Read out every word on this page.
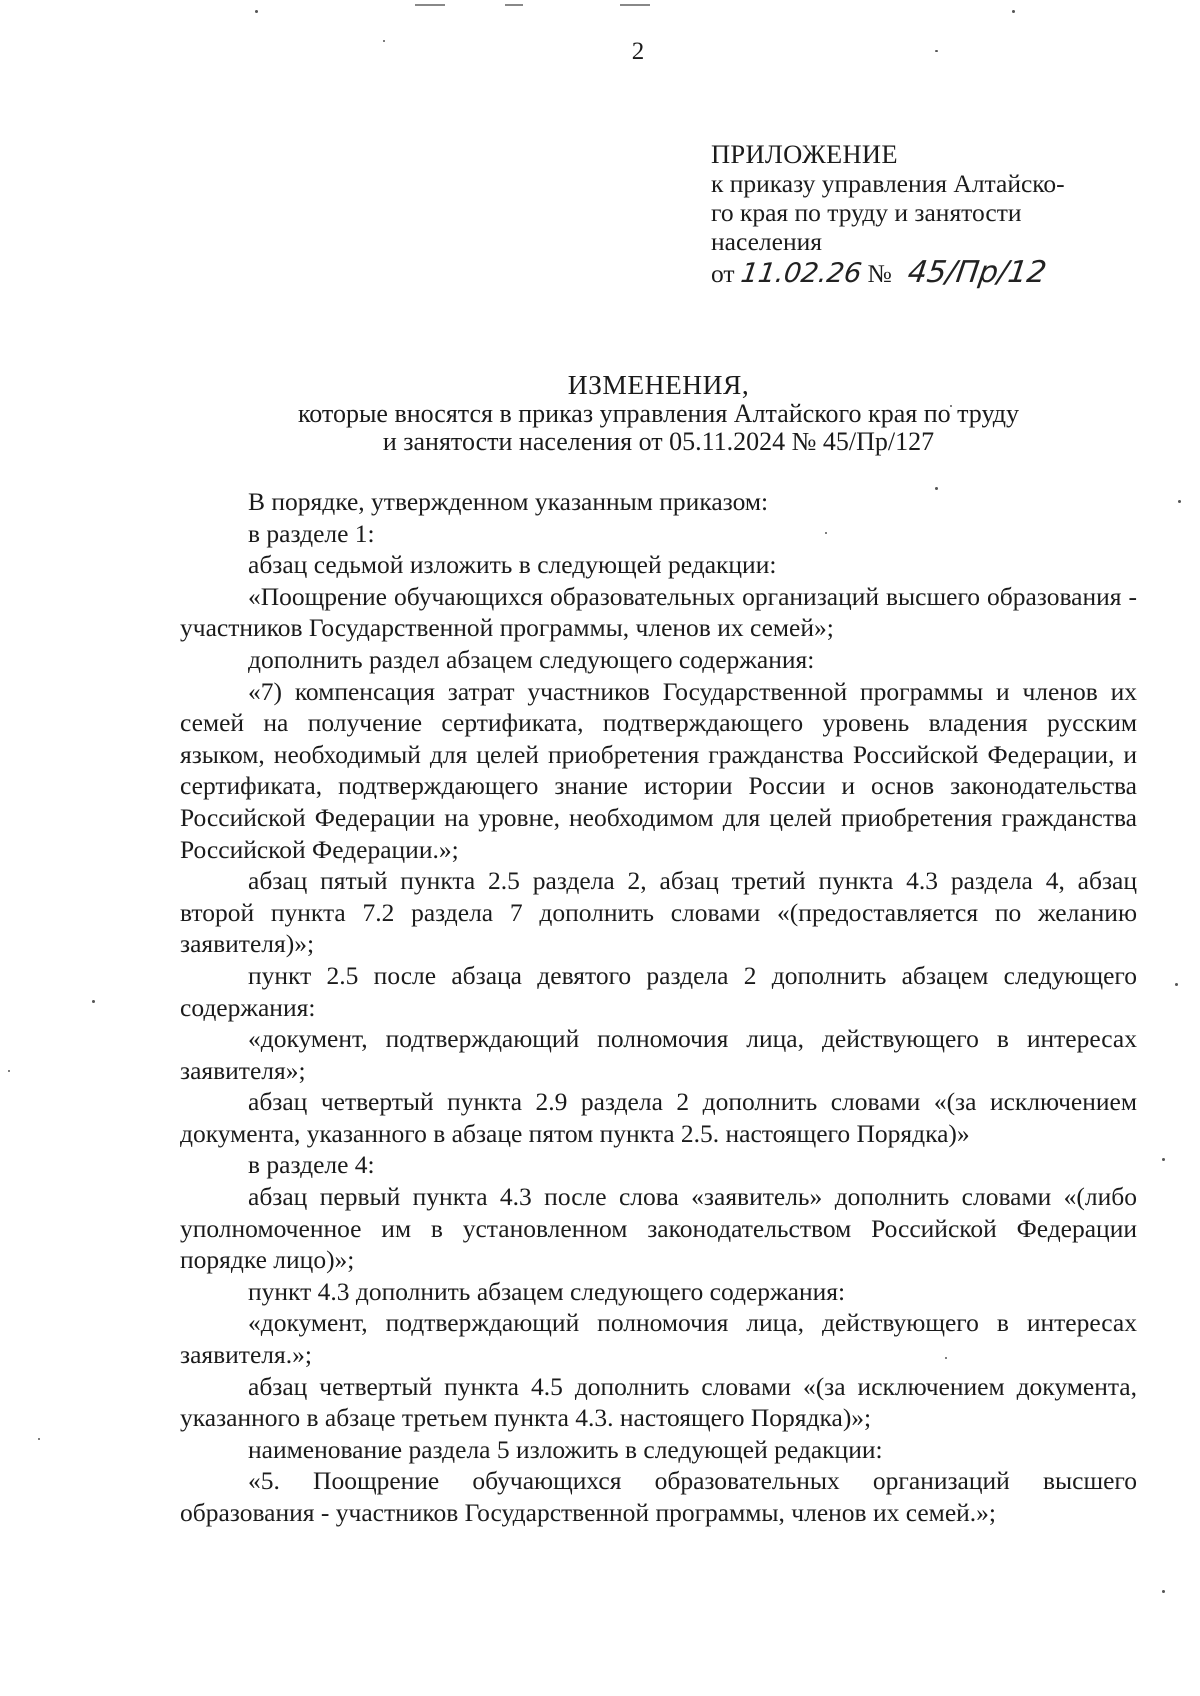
2
ПРИЛОЖЕНИЕ
к приказу управления Алтайско-
го края по труду и занятости
населения
от 11.02.26 № 45/Пр/12
ИЗМЕНЕНИЯ,
которые вносятся в приказ управления Алтайского края по труду
и занятости населения от 05.11.2024 № 45/Пр/127

В порядке, утвержденном указанным приказом:

в разделе 1:

абзац седьмой изложить в следующей редакции:

«Поощрение обучающихся образовательных организаций высшего образования - участников Государственной программы, членов их семей»;

дополнить раздел абзацем следующего содержания:

«7) компенсация затрат участников Государственной программы и членов их семей на получение сертификата, подтверждающего уровень владения русским языком, необходимый для целей приобретения гражданства Российской Федерации, и сертификата, подтверждающего знание истории России и основ законодательства Российской Федерации на уровне, необходимом для целей приобретения гражданства Российской Федерации.»;

абзац пятый пункта 2.5 раздела 2, абзац третий пункта 4.3 раздела 4, абзац второй пункта 7.2 раздела 7 дополнить словами «(предоставляется по желанию заявителя)»;

пункт 2.5 после абзаца девятого раздела 2 дополнить абзацем следующего содержания:

«документ, подтверждающий полномочия лица, действующего в интересах заявителя»;

абзац четвертый пункта 2.9 раздела 2 дополнить словами «(за исключением документа, указанного в абзаце пятом пункта 2.5. настоящего Порядка)»

в разделе 4:

абзац первый пункта 4.3 после слова «заявитель» дополнить словами «(либо уполномоченное им в установленном законодательством Российской Федерации порядке лицо)»;

пункт 4.3 дополнить абзацем следующего содержания:

«документ, подтверждающий полномочия лица, действующего в интересах заявителя.»;

абзац четвертый пункта 4.5 дополнить словами «(за исключением документа, указанного в абзаце третьем пункта 4.3. настоящего Порядка)»;

наименование раздела 5 изложить в следующей редакции:

«5. Поощрение обучающихся образовательных организаций высшего образования - участников Государственной программы, членов их семей.»;
